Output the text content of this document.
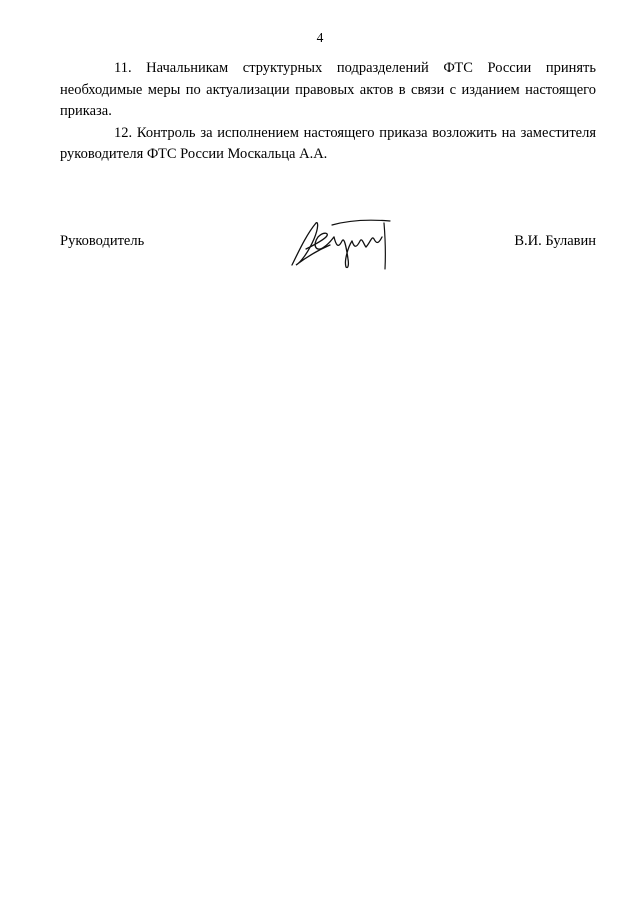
4

11. Начальникам структурных подразделений ФТС России принять необходимые меры по актуализации правовых актов в связи с изданием настоящего приказа.

12. Контроль за исполнением настоящего приказа возложить на заместителя руководителя ФТС России Москальца А.А.

Руководитель	В.И. Булавин
